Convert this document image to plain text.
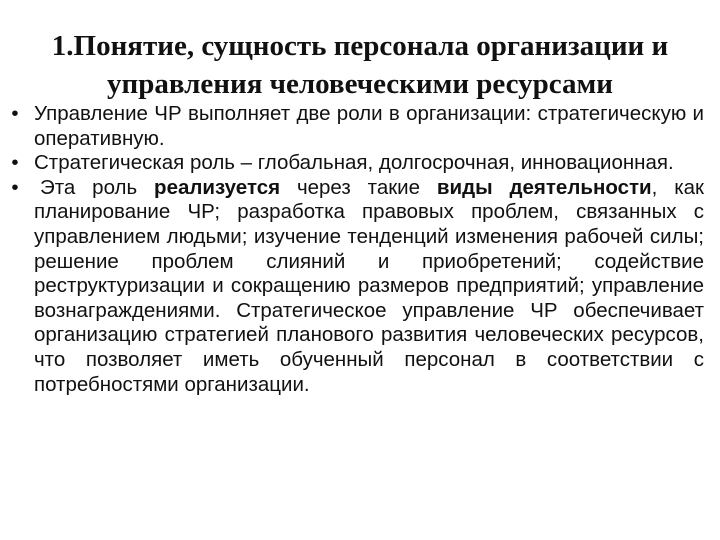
1.Понятие, сущность персонала организации и
управления человеческими ресурсами
• Управление ЧР выполняет две роли в организации: стратегическую и оперативную.
• Стратегическая роль – глобальная, долгосрочная, инновационная.
• Эта роль реализуется через такие виды деятельности, как планирование ЧР; разработка правовых проблем, связанных с управлением людьми; изучение тенденций изменения рабочей силы; решение проблем слияний и приобретений; содействие реструктуризации и сокращению размеров предприятий; управление вознаграждениями. Стратегическое управление ЧР обеспечивает организацию стратегией планового развития человеческих ресурсов, что позволяет иметь обученный персонал в соответствии с потребностями организации.
